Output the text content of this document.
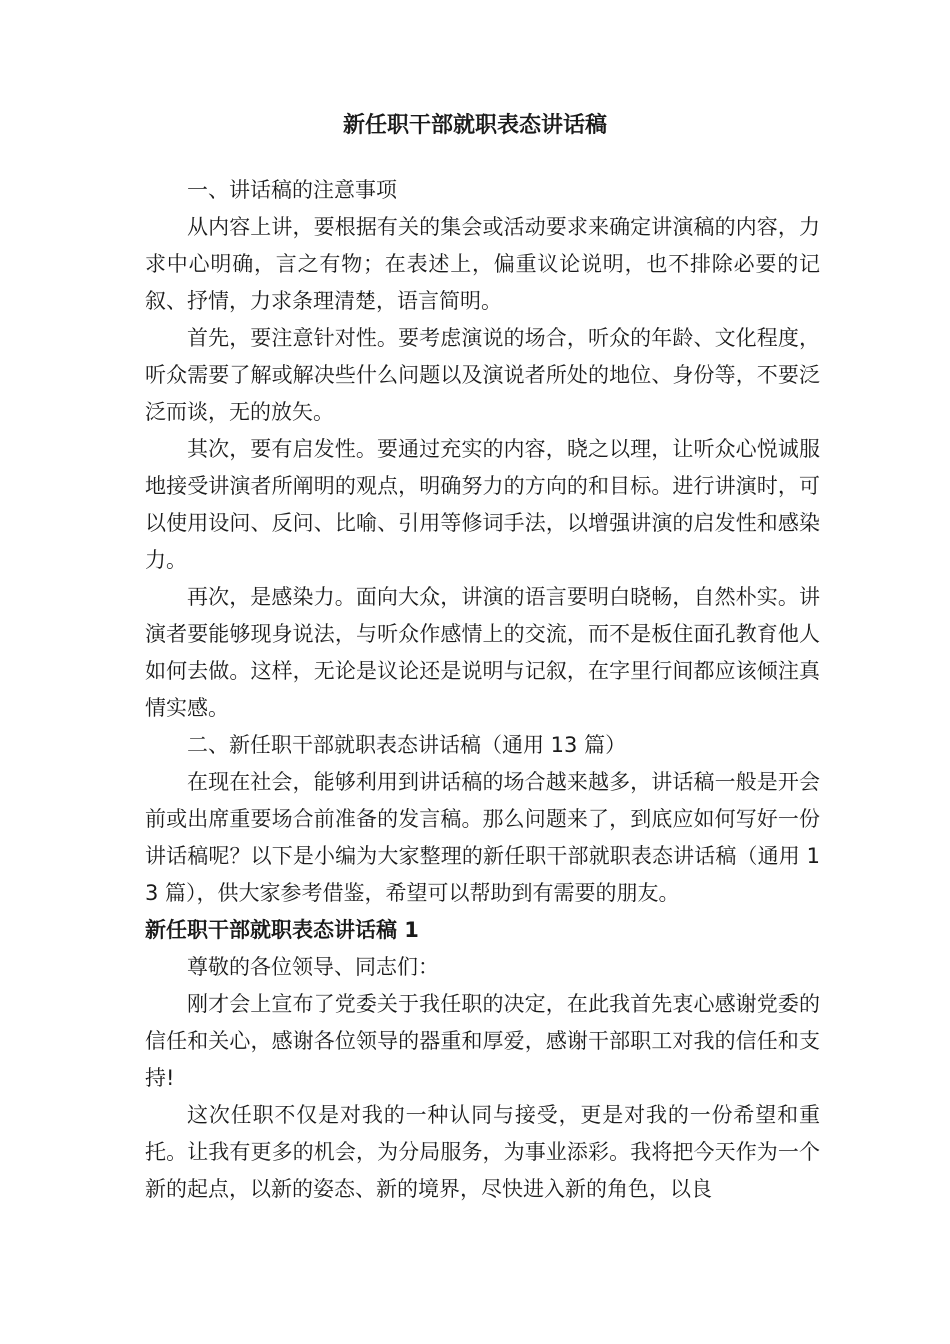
新任职干部就职表态讲话稿

一、讲话稿的注意事项

从内容上讲，要根据有关的集会或活动要求来确定讲演稿的内容，力求中心明确，言之有物；在表述上，偏重议论说明，也不排除必要的记叙、抒情，力求条理清楚，语言简明。

首先，要注意针对性。要考虑演说的场合，听众的年龄、文化程度，听众需要了解或解决些什么问题以及演说者所处的地位、身份等，不要泛泛而谈，无的放矢。

其次，要有启发性。要通过充实的内容，晓之以理，让听众心悦诚服地接受讲演者所阐明的观点，明确努力的方向的和目标。进行讲演时，可以使用设问、反问、比喻、引用等修词手法，以增强讲演的启发性和感染力。

再次，是感染力。面向大众，讲演的语言要明白晓畅，自然朴实。讲演者要能够现身说法，与听众作感情上的交流，而不是板住面孔教育他人如何去做。这样，无论是议论还是说明与记叙，在字里行间都应该倾注真情实感。

二、新任职干部就职表态讲话稿（通用 13 篇）

在现在社会，能够利用到讲话稿的场合越来越多，讲话稿一般是开会前或出席重要场合前准备的发言稿。那么问题来了，到底应如何写好一份讲话稿呢？以下是小编为大家整理的新任职干部就职表态讲话稿（通用 13 篇），供大家参考借鉴，希望可以帮助到有需要的朋友。

新任职干部就职表态讲话稿 1

尊敬的各位领导、同志们：

刚才会上宣布了党委关于我任职的决定，在此我首先衷心感谢党委的信任和关心，感谢各位领导的器重和厚爱，感谢干部职工对我的信任和支持!

这次任职不仅是对我的一种认同与接受，更是对我的一份希望和重托。让我有更多的机会，为分局服务，为事业添彩。我将把今天作为一个新的起点，以新的姿态、新的境界，尽快进入新的角色，以良
